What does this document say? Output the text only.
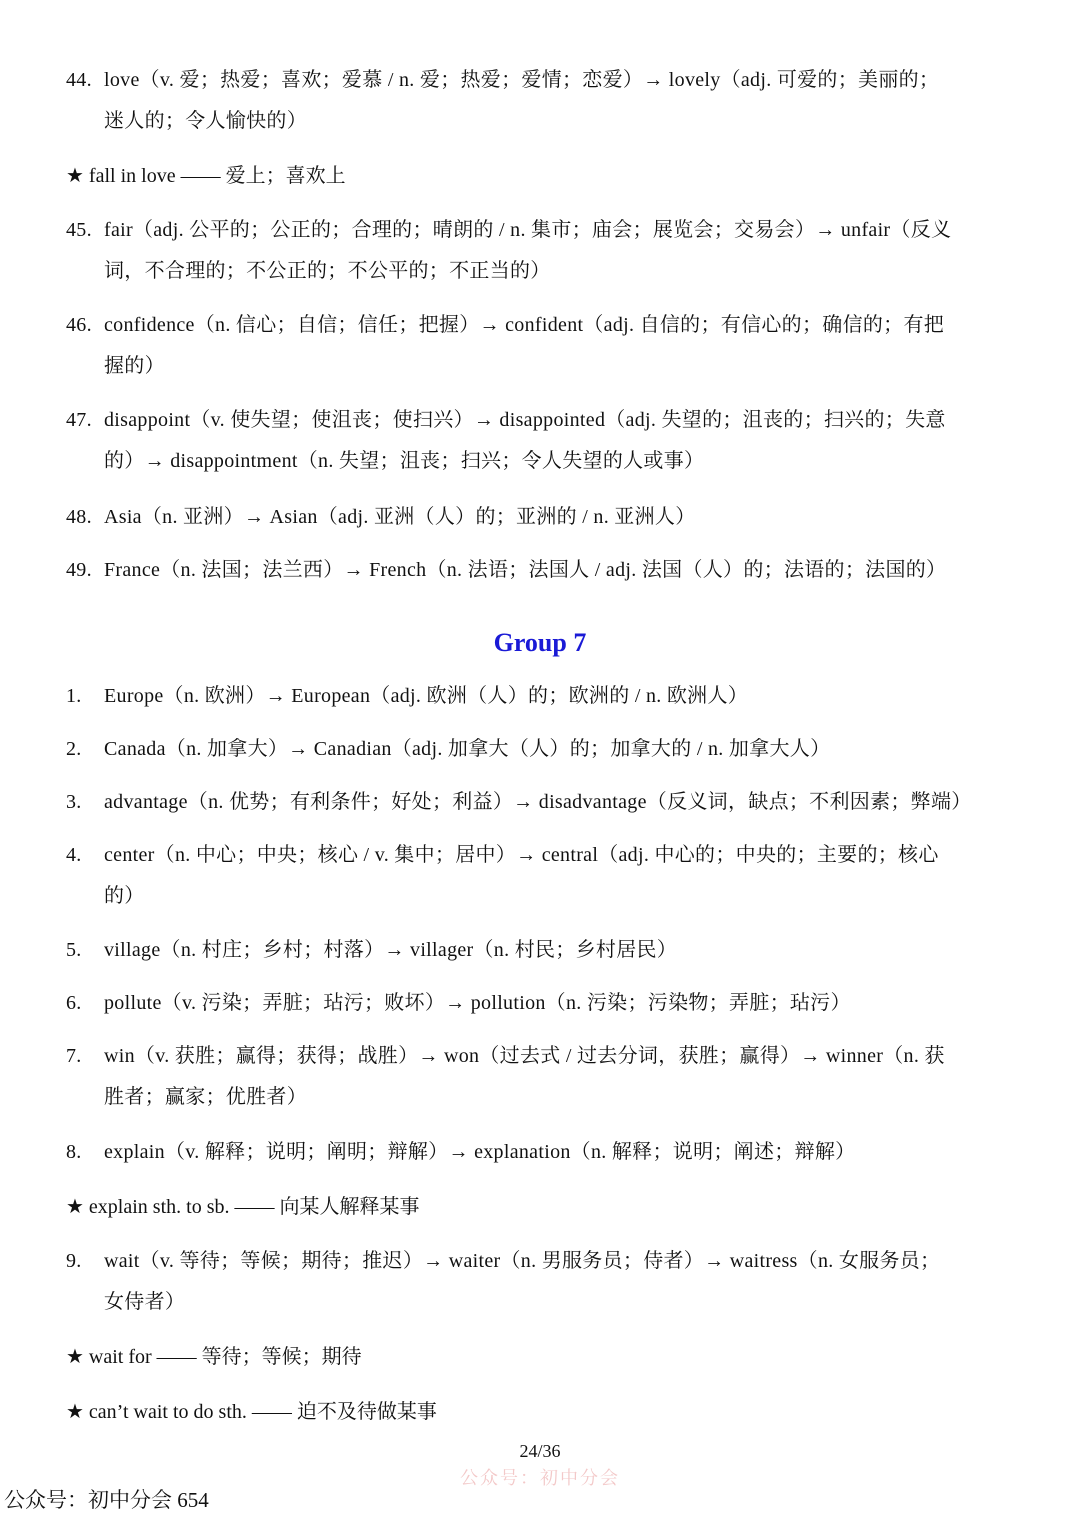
44. love（v. 爱；热爱；喜欢；爱慕 / n. 爱；热爱；爱情；恋爱）→ lovely（adj. 可爱的；美丽的；
迷人的；令人愉快的）
★ fall in love —— 爱上；喜欢上
45. fair（adj. 公平的；公正的；合理的；晴朗的 / n. 集市；庙会；展览会；交易会）→ unfair（反义
词，不合理的；不公正的；不公平的；不正当的）
46. confidence（n. 信心；自信；信任；把握）→ confident（adj. 自信的；有信心的；确信的；有把
握的）
47. disappoint（v. 使失望；使沮丧；使扫兴）→ disappointed（adj. 失望的；沮丧的；扫兴的；失意
的）→ disappointment（n. 失望；沮丧；扫兴；令人失望的人或事）
48. Asia（n. 亚洲）→ Asian（adj. 亚洲（人）的；亚洲的 / n. 亚洲人）
49. France（n. 法国；法兰西）→ French（n. 法语；法国人 / adj. 法国（人）的；法语的；法国的）
Group 7
1.	Europe（n. 欧洲）→ European（adj. 欧洲（人）的；欧洲的 / n. 欧洲人）
2.	Canada（n. 加拿大）→ Canadian（adj. 加拿大（人）的；加拿大的 / n. 加拿大人）
3.	advantage（n. 优势；有利条件；好处；利益）→ disadvantage（反义词，缺点；不利因素；弊端）
4.	center（n. 中心；中央；核心 / v. 集中；居中）→ central（adj. 中心的；中央的；主要的；核心
的）
5.	village（n. 村庄；乡村；村落）→ villager（n. 村民；乡村居民）
6.	pollute（v. 污染；弄脏；玷污；败坏）→ pollution（n. 污染；污染物；弄脏；玷污）
7.	win（v. 获胜；赢得；获得；战胜）→ won（过去式 / 过去分词，获胜；赢得）→ winner（n. 获
胜者；赢家；优胜者）
8.	explain（v. 解释；说明；阐明；辩解）→ explanation（n. 解释；说明；阐述；辩解）
★ explain sth. to sb. —— 向某人解释某事
9.	wait（v. 等待；等候；期待；推迟）→ waiter（n. 男服务员；侍者）→ waitress（n. 女服务员；
女侍者）
★ wait for —— 等待；等候；期待
★ can’t wait to do sth. —— 迫不及待做某事
24/36
公众号：初中分会
公众号：初中分会 654
